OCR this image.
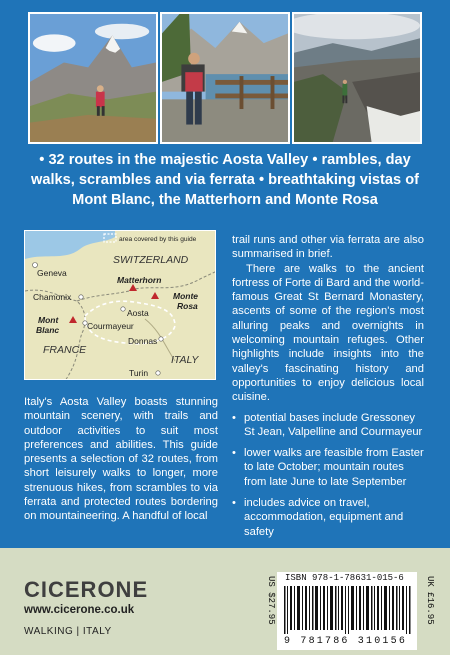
• 32 routes in the majestic Aosta Valley • rambles, day walks, scrambles and via ferrata • breathtaking vistas of Mont Blanc, the Matterhorn and Monte Rosa
area covered by this guide
SWITZERLAND
FRANCE
ITALY
Geneva
Chamonix
Matterhorn
Monte
Rosa
Mont
Blanc
Aosta
Courmayeur
Donnas
Turin
Italy's Aosta Valley boasts stunning mountain scenery, with trails and outdoor activities to suit most preferences and abilities. This guide presents a selection of 32 routes, from short leisurely walks to longer, more strenuous hikes, from scrambles to via ferrata and protected routes bordering on mountaineering. A handful of local
trail runs and other via ferrata are also summarised in brief.
There are walks to the ancient fortress of Forte di Bard and the world-famous Great St Bernard Monastery, ascents of some of the region's most alluring peaks and overnights in welcoming mountain refuges. Other highlights include insights into the valley's fascinating history and opportunities to enjoy delicious local cuisine.
• potential bases include Gressoney St Jean, Valpelline and Courmayeur
• lower walks are feasible from Easter to late October; mountain routes from late June to late September
• includes advice on travel, accommodation, equipment and safety
CICERONE
www.cicerone.co.uk
WALKING | ITALY
US $27.95	UK £16.95
ISBN 978-1-78631-015-6
9 781786 310156
